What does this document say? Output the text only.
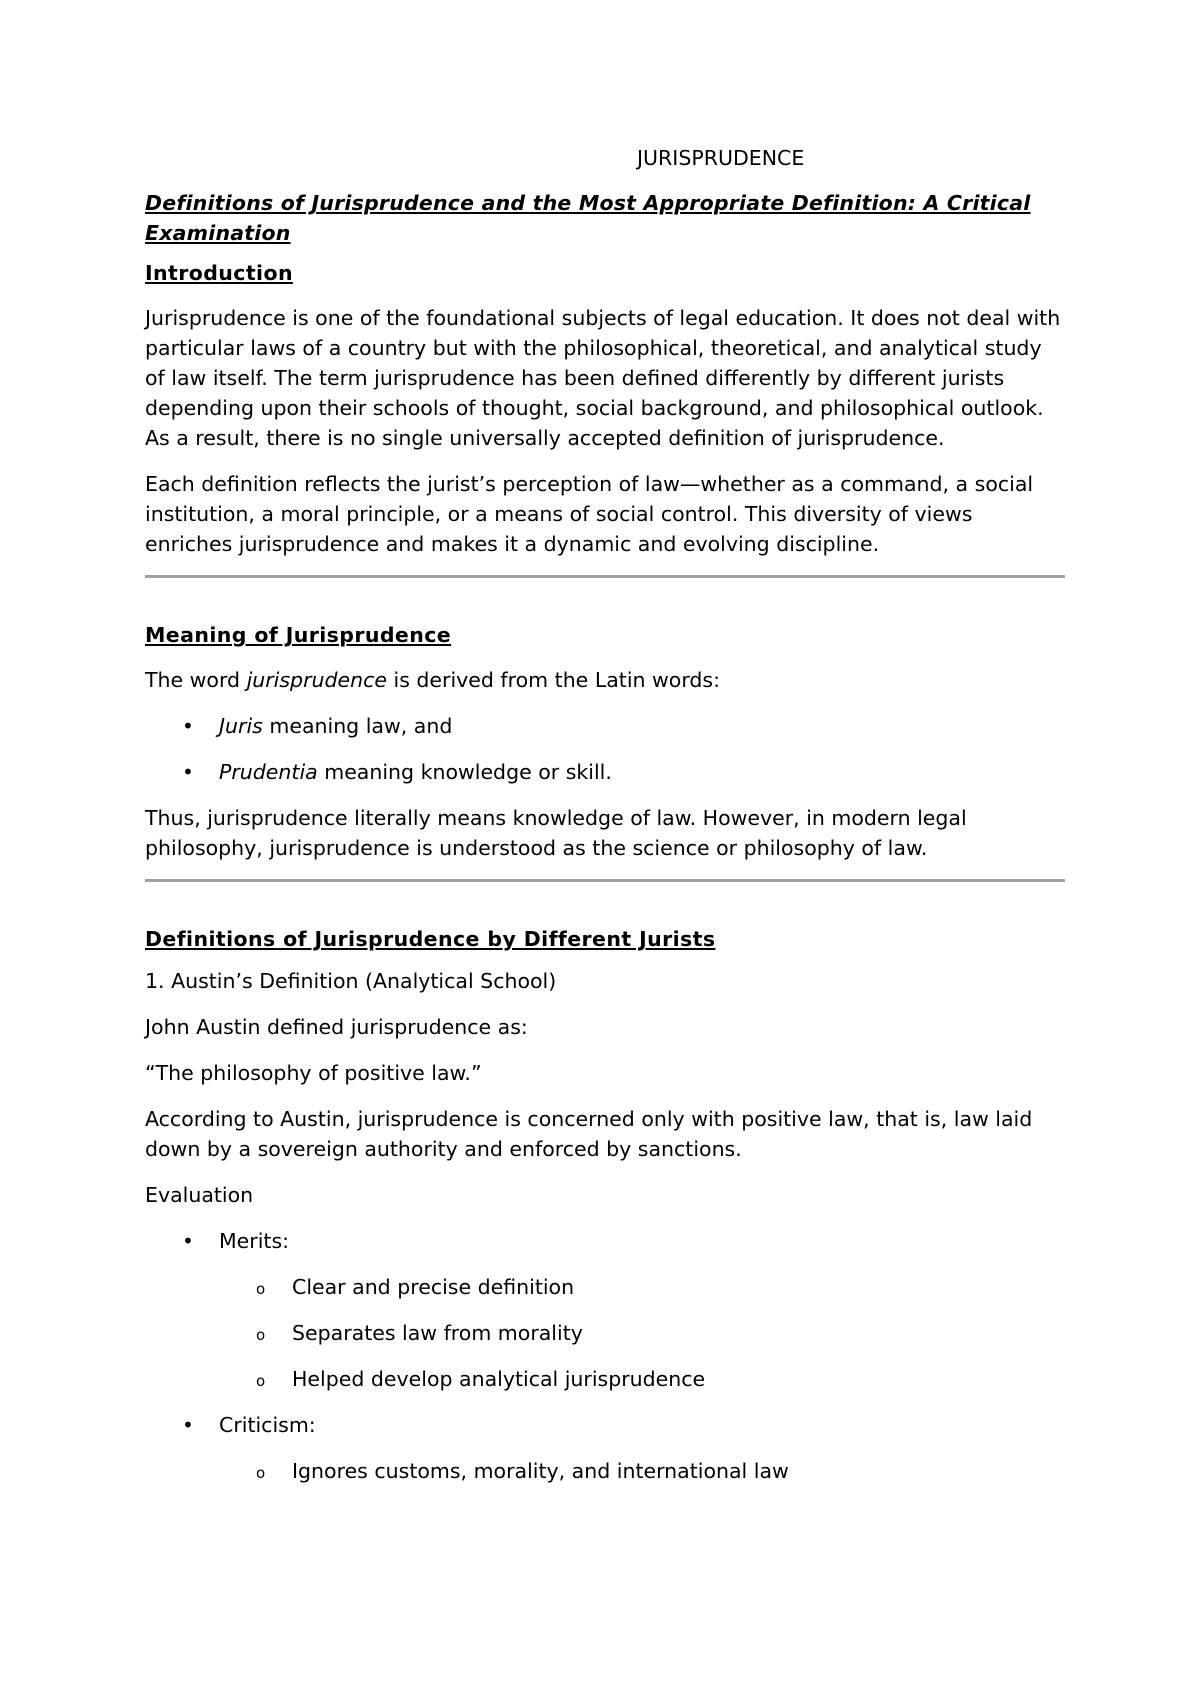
JURISPRUDENCE
Definitions of Jurisprudence and the Most Appropriate Definition: A Critical Examination
Introduction

Jurisprudence is one of the foundational subjects of legal education. It does not deal with particular laws of a country but with the philosophical, theoretical, and analytical study of law itself. The term jurisprudence has been defined differently by different jurists depending upon their schools of thought, social background, and philosophical outlook. As a result, there is no single universally accepted definition of jurisprudence.

Each definition reflects the jurist’s perception of law—whether as a command, a social institution, a moral principle, or a means of social control. This diversity of views enriches jurisprudence and makes it a dynamic and evolving discipline.

Meaning of Jurisprudence

The word jurisprudence is derived from the Latin words:

• Juris meaning law, and
• Prudentia meaning knowledge or skill.

Thus, jurisprudence literally means knowledge of law. However, in modern legal philosophy, jurisprudence is understood as the science or philosophy of law.

Definitions of Jurisprudence by Different Jurists

1. Austin’s Definition (Analytical School)

John Austin defined jurisprudence as:

“The philosophy of positive law.”

According to Austin, jurisprudence is concerned only with positive law, that is, law laid down by a sovereign authority and enforced by sanctions.

Evaluation

• Merits:
o Clear and precise definition
o Separates law from morality
o Helped develop analytical jurisprudence
• Criticism:
o Ignores customs, morality, and international law
